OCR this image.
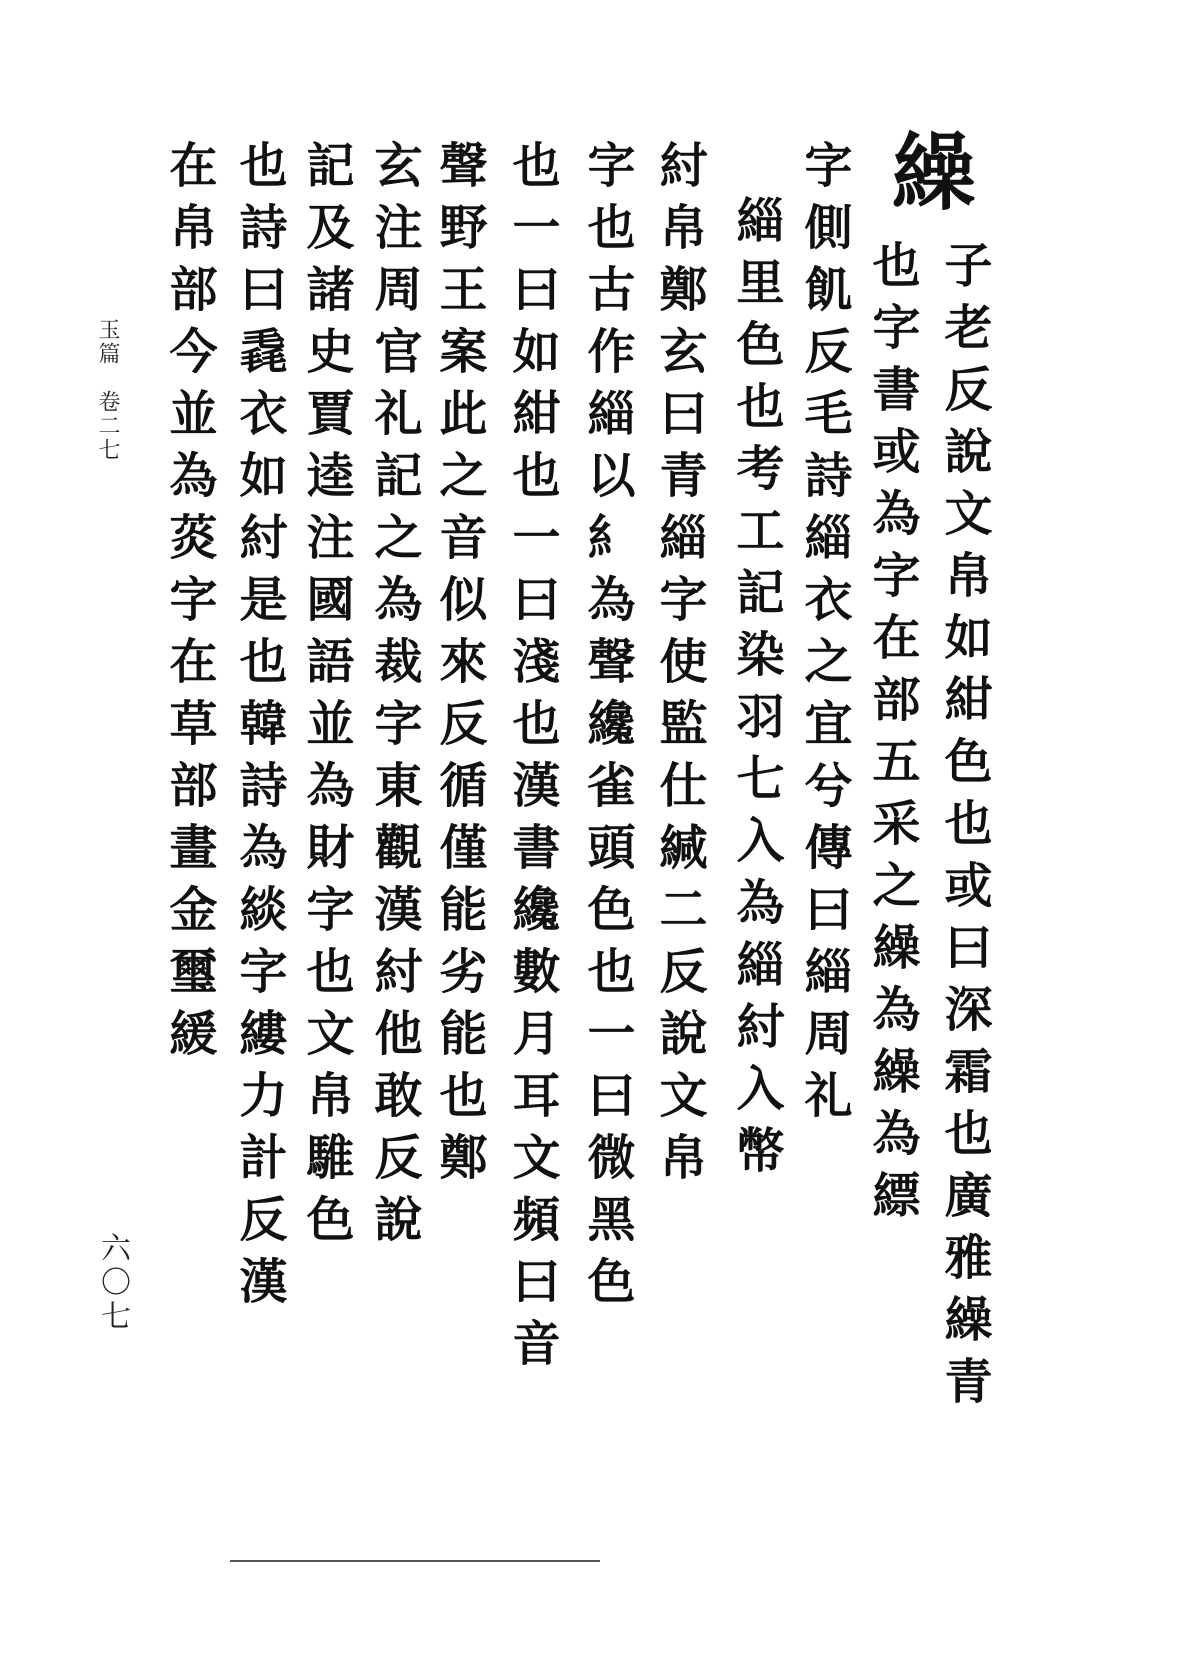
玉篇　卷二七
六〇七
繰
子老反說文帛如紺色也或曰深霜也廣雅繰青
也字書或為字在部五采之繰為繰為縹
字側飢反毛詩緇衣之宜兮傳曰緇周礼
緇里色也考工記染羽七入為緇紂入幣
紂帛鄭玄曰青緇字使監仕緘二反說文帛
字也古作緇以糹為聲纔雀頭色也一曰微黑色
也一曰如紺也一曰淺也漢書纔數月耳文頻曰音
聲野王案此之音似來反循僅能劣能也鄭
玄注周官礼記之為裁字東觀漢紂他敢反說
記及諸史賈逵注國語並為財字也文帛騅色
也詩曰毳衣如紂是也韓詩為緂字縷力計反漢
在帛部今並為菼字在草部畫金璽緩
